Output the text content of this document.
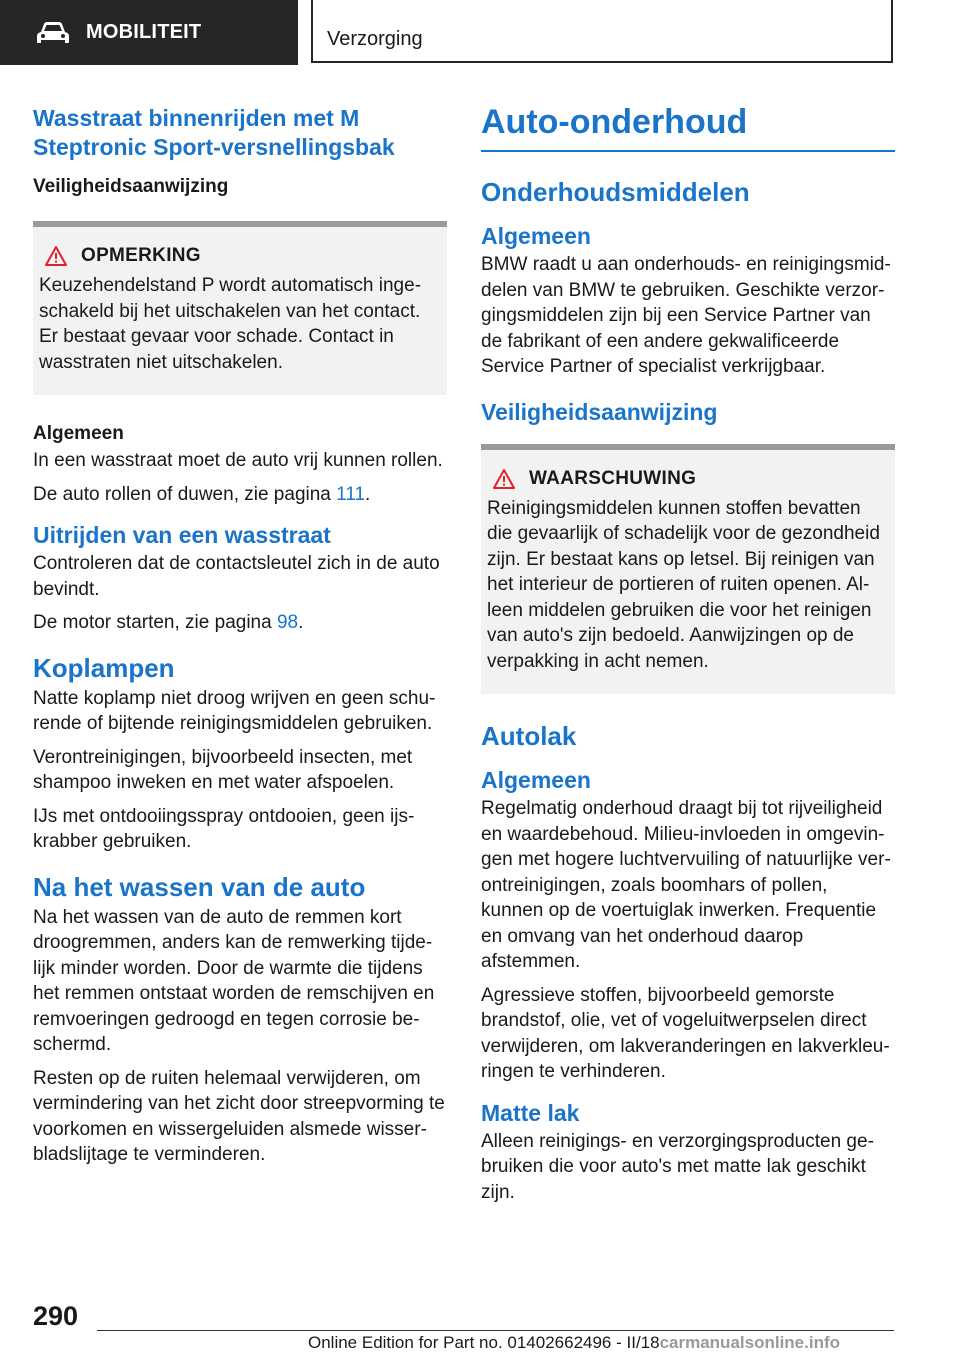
MOBILITEIT	Verzorging
Wasstraat binnenrijden met M Steptronic Sport-versnellingsbak
Veiligheidsaanwijzing
OPMERKING

Keuzehendelstand P wordt automatisch ingeschakeld bij het uitschakelen van het contact. Er bestaat gevaar voor schade. Contact in wasstraten niet uitschakelen.

Algemeen

In een wasstraat moet de auto vrij kunnen rollen.

De auto rollen of duwen, zie pagina 111.

Uitrijden van een wasstraat

Controleren dat de contactsleutel zich in de auto bevindt.

De motor starten, zie pagina 98.

Koplampen

Natte koplamp niet droog wrijven en geen schurende of bijtende reinigingsmiddelen gebruiken.

Verontreinigingen, bijvoorbeeld insecten, met shampoo inweken en met water afspoelen.

IJs met ontdooiingsspray ontdooien, geen ijskrabber gebruiken.

Na het wassen van de auto

Na het wassen van de auto de remmen kort droogremmen, anders kan de remwerking tijdelijk minder worden. Door de warmte die tijdens het remmen ontstaat worden de remschijven en remvoeringen gedroogd en tegen corrosie beschermd.

Resten op de ruiten helemaal verwijderen, om vermindering van het zicht door streepvorming te voorkomen en wissergeluiden alsmede wisserbladslijtage te verminderen.

Auto-onderhoud
Onderhoudsmiddelen
Algemeen

BMW raadt u aan onderhouds- en reinigingsmiddelen van BMW te gebruiken. Geschikte verzorgingsmiddelen zijn bij een Service Partner van de fabrikant of een andere gekwalificeerde Service Partner of specialist verkrijgbaar.

Veiligheidsaanwijzing
WAARSCHUWING

Reinigingsmiddelen kunnen stoffen bevatten die gevaarlijk of schadelijk voor de gezondheid zijn. Er bestaat kans op letsel. Bij reinigen van het interieur de portieren of ruiten openen. Alleen middelen gebruiken die voor het reinigen van auto's zijn bedoeld. Aanwijzingen op de verpakking in acht nemen.

Autolak
Algemeen

Regelmatig onderhoud draagt bij tot rijveiligheid en waardebehoud. Milieu-invloeden in omgevingen met hogere luchtvervuiling of natuurlijke verontreinigingen, zoals boomhars of pollen, kunnen op de voertuiglak inwerken. Frequentie en omvang van het onderhoud daarop afstemmen.

Agressieve stoffen, bijvoorbeeld gemorste brandstof, olie, vet of vogeluitwerpselen direct verwijderen, om lakveranderingen en lakverkleuringen te verhinderen.

Matte lak

Alleen reinigings- en verzorgingsproducten gebruiken die voor auto's met matte lak geschikt zijn.

290
Online Edition for Part no. 01402662496 - II/18carmanualsonline.info
